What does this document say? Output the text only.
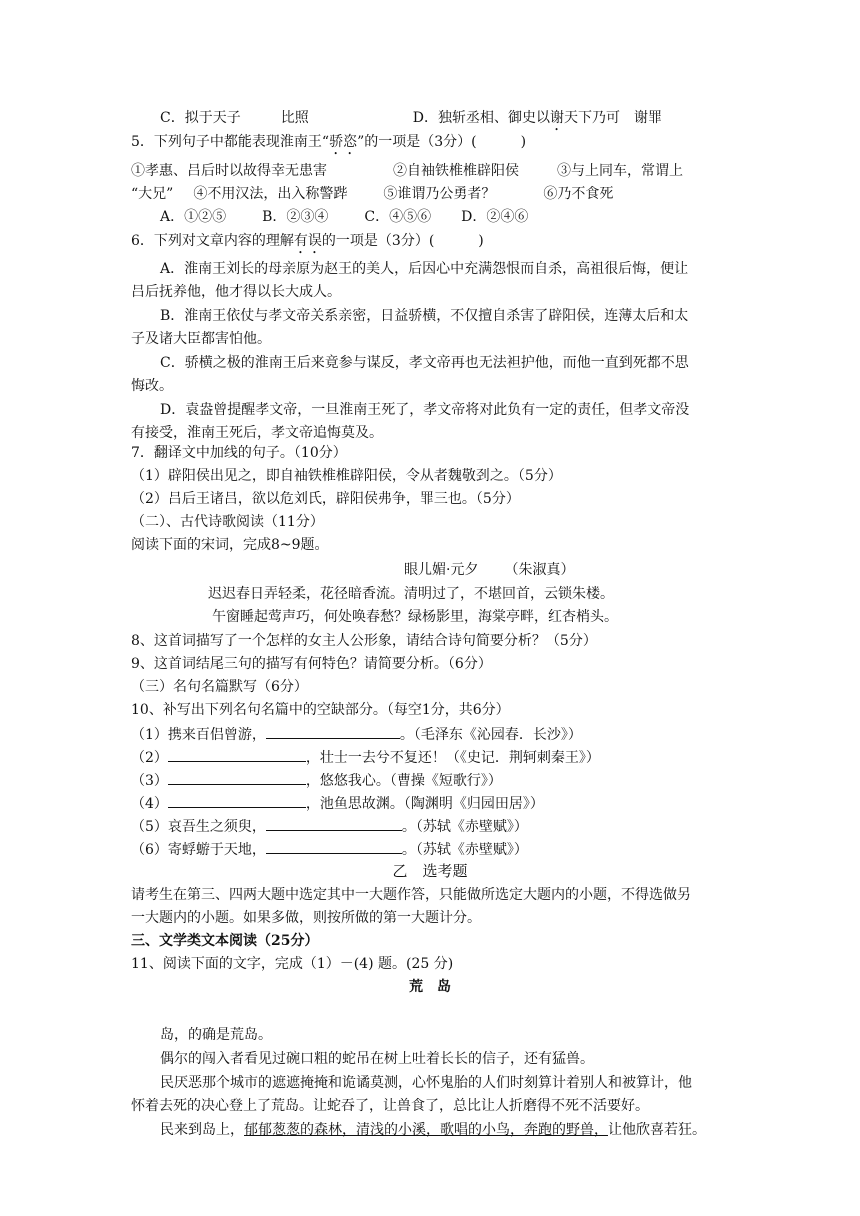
C．拟于天子	比照	D．独斩丞相、御史以谢天下乃可 谢罪
5．下列句子中都能表现淮南王“骄恣”的一项是（3分）(	)
①孝惠、吕后时以故得幸无患害	②自袖铁椎椎辟阳侯	③与上同车，常谓上
“大兄” ④不用汉法，出入称警跸	⑤谁谓乃公勇者？	⑥乃不食死
A．①②⑤	B．②③④	C．④⑤⑥ D．②④⑥
6．下列对文章内容的理解有误的一项是（3分）(	)
A．淮南王刘长的母亲原为赵王的美人，后因心中充满怨恨而自杀，高祖很后悔，便让
吕后抚养他，他才得以长大成人。
B．淮南王依仗与孝文帝关系亲密，日益骄横，不仅擅自杀害了辟阳侯，连薄太后和太
子及诸大臣都害怕他。
C．骄横之极的淮南王后来竟参与谋反，孝文帝再也无法袒护他，而他一直到死都不思
悔改。
D．袁盎曾提醒孝文帝，一旦淮南王死了，孝文帝将对此负有一定的责任，但孝文帝没
有接受，淮南王死后，孝文帝追悔莫及。
7．翻译文中加线的句子。（10分）
（1）辟阳侯出见之，即自袖铁椎椎辟阳侯，令从者魏敬刭之。（5分）
（2）吕后王诸吕，欲以危刘氏，辟阳侯弗争，罪三也。（5分）
（二）、古代诗歌阅读（11分）
阅读下面的宋词，完成8~9题。
眼儿媚·元夕 （朱淑真）
迟迟春日弄轻柔，花径暗香流。清明过了，不堪回首，云锁朱楼。
午窗睡起莺声巧，何处唤春愁？绿杨影里，海棠亭畔，红杏梢头。
8、这首词描写了一个怎样的女主人公形象，请结合诗句简要分析？（5分）
9、这首词结尾三句的描写有何特色？请简要分析。（6分）
（三）名句名篇默写（6分）
10、补写出下列名句名篇中的空缺部分。（每空1分，共6分）
（1）携来百侣曾游，	。（毛泽东《沁园春．长沙》）
（2）	，壮士一去兮不复还！（《史记．荆轲刺秦王》）
（3）	，悠悠我心。（曹操《短歌行》）
（4）	，池鱼思故渊。（陶渊明《归园田居》）
（5）哀吾生之须臾，	。（苏轼《赤壁赋》）
（6）寄蜉蝣于天地，	。（苏轼《赤壁赋》）
乙　选考题
请考生在第三、四两大题中选定其中一大题作答，只能做所选定大题内的小题，不得选做另
一大题内的小题。如果多做，则按所做的第一大题计分。
三、文学类文本阅读（25分）
11、阅读下面的文字，完成（1）－(4) 题。(25 分)
荒　岛
岛，的确是荒岛。
偶尔的闯入者看见过碗口粗的蛇吊在树上吐着长长的信子，还有猛兽。
民厌恶那个城市的遮遮掩掩和诡谲莫测，心怀鬼胎的人们时刻算计着别人和被算计，他
怀着去死的决心登上了荒岛。让蛇吞了，让兽食了，总比让人折磨得不死不活要好。
民来到岛上，郁郁葱葱的森林，清浅的小溪，歌唱的小鸟，奔跑的野兽，让他欣喜若狂。
